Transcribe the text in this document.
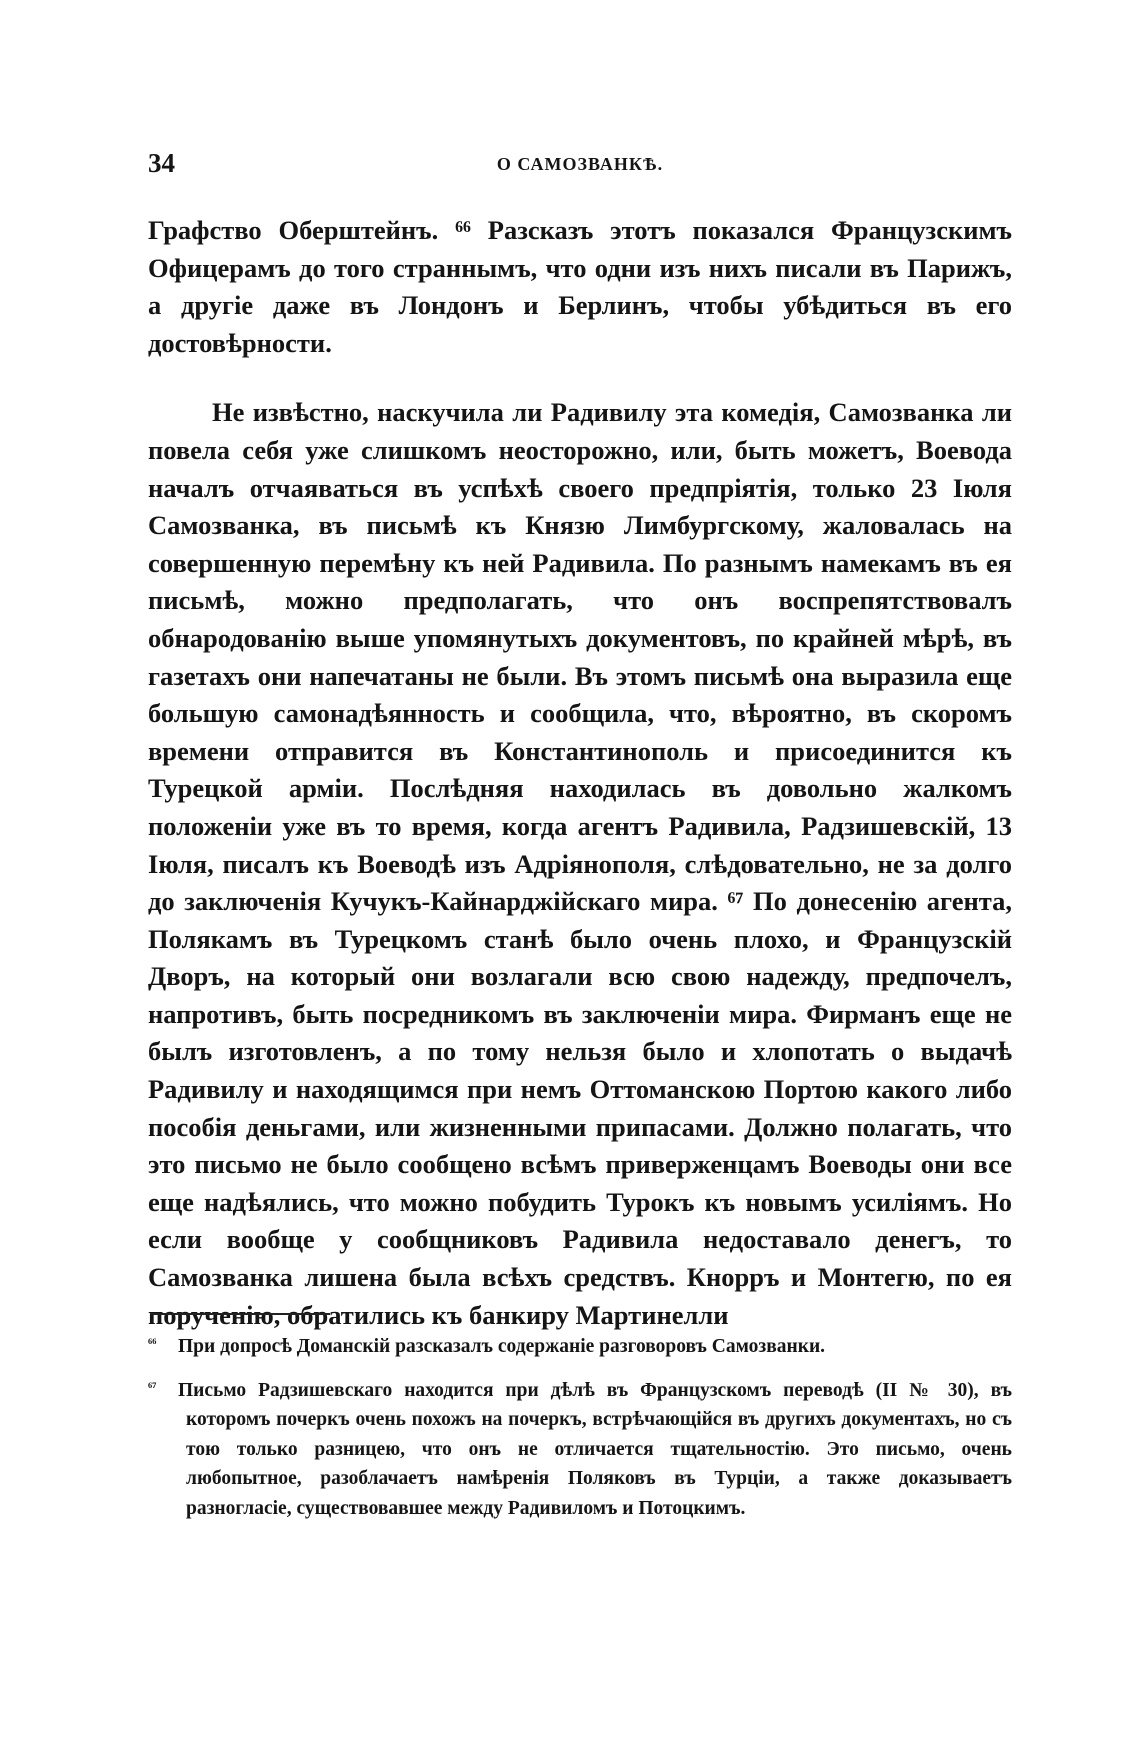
34	О САМОЗВАНКѢ.

Графство Оберштейнъ. ⁶⁶ Разсказъ этотъ показался Французскимъ Офицерамъ до того страннымъ, что одни изъ нихъ писали въ Парижъ, а другіе даже въ Лондонъ и Берлинъ, чтобы убѣдиться въ его достовѣрности.

Не извѣстно, наскучила ли Радивилу эта комедія, Самозванка ли повела себя уже слишкомъ неосторожно, или, быть можетъ, Воевода началъ отчаяваться въ успѣхѣ своего предпріятія, только 23 Іюля Самозванка, въ письмѣ къ Князю Лимбургскому, жаловалась на совершенную перемѣну къ ней Радивила. По разнымъ намекамъ въ ея письмѣ, можно предполагать, что онъ воспрепятствовалъ обнародованію выше упомянутыхъ документовъ, по крайней мѣрѣ, въ газетахъ они напечатаны не были. Въ этомъ письмѣ она выразила еще большую самонадѣянность и сообщила, что, вѣроятно, въ скоромъ времени отправится въ Константинополь и присоединится къ Турецкой арміи. Послѣдняя находилась въ довольно жалкомъ положеніи уже въ то время, когда агентъ Радивила, Радзишевскій, 13 Іюля, писалъ къ Воеводѣ изъ Адріянополя, слѣдовательно, не за долго до заключенія Кучукъ-Кайнарджійскаго мира. ⁶⁷ По донесенію агента, Полякамъ въ Турецкомъ станѣ было очень плохо, и Французскій Дворъ, на который они возлагали всю свою надежду, предпочелъ, напротивъ, быть посредникомъ въ заключеніи мира. Фирманъ еще не былъ изготовленъ, а по тому нельзя было и хлопотать о выдачѣ Радивилу и находящимся при немъ Оттоманскою Портою какого либо пособія деньгами, или жизненными припасами. Должно полагать, что это письмо не было сообщено всѣмъ приверженцамъ Воеводы они все еще надѣялись, что можно побудить Турокъ къ новымъ усиліямъ. Но если вообще у сообщниковъ Радивила недоставало денегъ, то Самозванка лишена была всѣхъ средствъ. Кнорръ и Монтегю, по ея порученію, обратились къ банкиру Мартинелли

⁶⁶ При допросѣ Доманскій разсказалъ содержаніе разговоровъ Самозванки.

⁶⁷ Письмо Радзишевскаго находится при дѣлѣ въ Французскомъ переводѣ (II № 30), въ которомъ почеркъ очень похожъ на почеркъ, встрѣчающійся въ другихъ документахъ, но съ тою только разницею, что онъ не отличается тщательностію. Это письмо, очень любопытное, разоблачаетъ намѣренія Поляковъ въ Турціи, а также доказываетъ разногласіе, существовавшее между Радивиломъ и Потоцкимъ.
